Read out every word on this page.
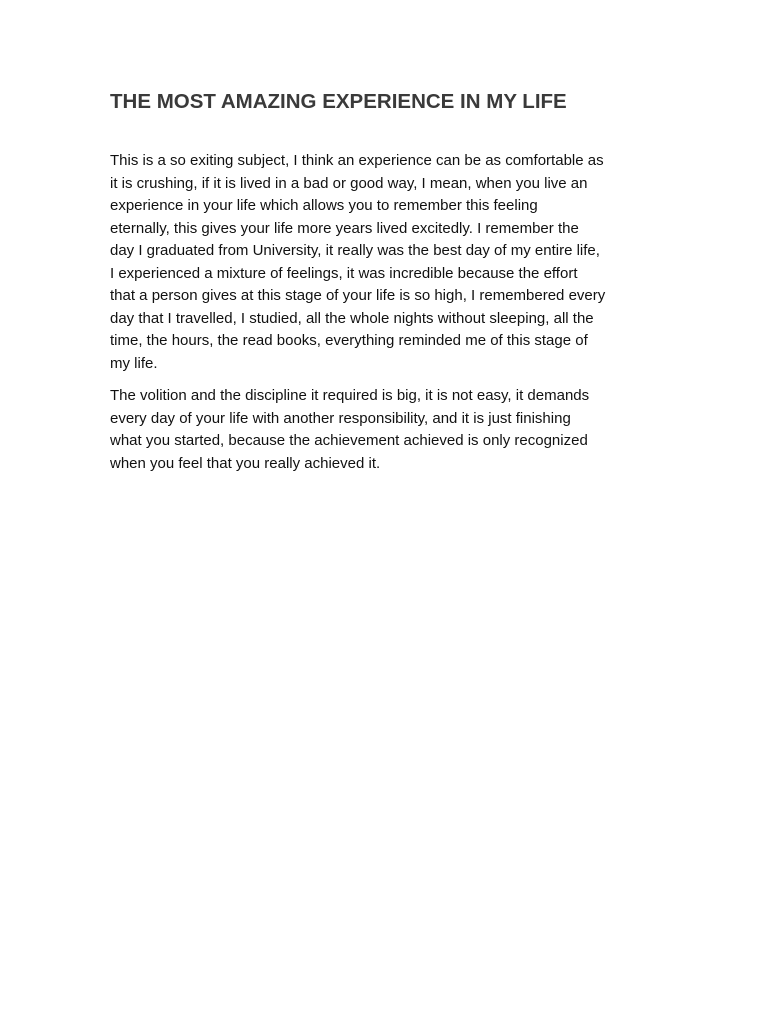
THE MOST AMAZING EXPERIENCE IN MY LIFE

This is a so exiting subject, I think an experience can be as comfortable as
it is crushing, if it is lived in a bad or good way, I mean, when you live an
experience in your life which allows you to remember this feeling
eternally, this gives your life more years lived excitedly. I remember the
day I graduated from University, it really was the best day of my entire life,
I experienced a mixture of feelings, it was incredible because the effort
that a person gives at this stage of your life is so high, I remembered every
day that I travelled, I studied, all the whole nights without sleeping, all the
time, the hours, the read books, everything reminded me of this stage of
my life.

The volition and the discipline it required is big, it is not easy, it demands
every day of your life with another responsibility, and it is just finishing
what you started, because the achievement achieved is only recognized
when you feel that you really achieved it.
